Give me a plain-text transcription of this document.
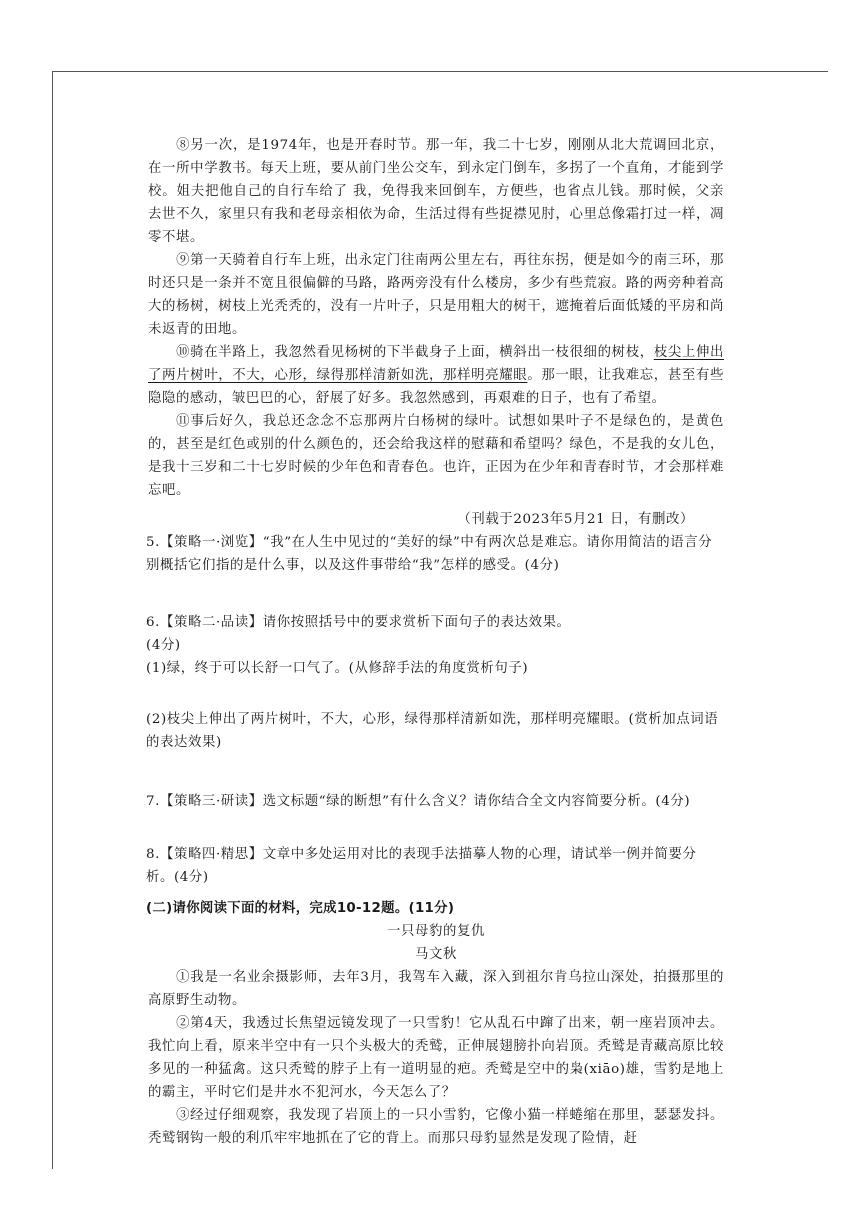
⑧另一次，是1974年，也是开春时节。那一年，我二十七岁，刚刚从北大荒调回北京，在一所中学教书。每天上班，要从前门坐公交车，到永定门倒车，多拐了一个直角，才能到学校。姐夫把他自己的自行车给了 我，免得我来回倒车，方便些，也省点儿钱。那时候，父亲去世不久，家里只有我和老母亲相依为命，生活过得有些捉襟见肘，心里总像霜打过一样，凋零不堪。

⑨第一天骑着自行车上班，出永定门往南两公里左右，再往东拐，便是如今的南三环，那时还只是一条并不宽且很偏僻的马路，路两旁没有什么楼房，多少有些荒寂。路的两旁种着高大的杨树，树枝上光秃秃的，没有一片叶子，只是用粗大的树干，遮掩着后面低矮的平房和尚未返青的田地。

⑩骑在半路上，我忽然看见杨树的下半截身子上面，横斜出一枝很细的树枝，枝尖上伸出了两片树叶，不大，心形，绿得那样清新如洗，那样明亮耀眼。那一眼，让我难忘，甚至有些隐隐的感动，皱巴巴的心，舒展了好多。我忽然感到，再艰难的日子，也有了希望。

⑪事后好久，我总还念念不忘那两片白杨树的绿叶。试想如果叶子不是绿色的，是黄色的，甚至是红色或别的什么颜色的，还会给我这样的慰藉和希望吗？绿色，不是我的女儿色，是我十三岁和二十七岁时候的少年色和青春色。也许，正因为在少年和青春时节，才会那样难忘吧。

（刊载于2023年5月21 日，有删改）

5.【策略一·浏览】“我”在人生中见过的“美好的绿”中有两次总是难忘。请你用简洁的语言分别概括它们指的是什么事，以及这件事带给“我”怎样的感受。(4分)

6.【策略二·品读】请你按照括号中的要求赏析下面句子的表达效果。

(4分)

(1)绿，终于可以长舒一口气了。(从修辞手法的角度赏析句子)

(2)枝尖上伸出了两片树叶，不大，心形，绿得那样清新如洗，那样明亮耀眼。(赏析加点词语的表达效果)

7.【策略三·研读】选文标题“绿的断想”有什么含义？请你结合全文内容简要分析。(4分)

8.【策略四·精思】文章中多处运用对比的表现手法描摹人物的心理，请试举一例并简要分析。(4分)

(二)请你阅读下面的材料，完成10-12题。(11分)

一只母豹的复仇

马文秋

①我是一名业余摄影师，去年3月，我驾车入藏，深入到祖尔肯乌拉山深处，拍摄那里的高原野生动物。

②第4天，我透过长焦望远镜发现了一只雪豹！它从乱石中蹿了出来，朝一座岩顶冲去。我忙向上看，原来半空中有一只个头极大的秃鹫，正伸展翅膀扑向岩顶。秃鹫是青藏高原比较多见的一种猛禽。这只秃鹫的脖子上有一道明显的疤。秃鹫是空中的枭(xiāo)雄，雪豹是地上的霸主，平时它们是井水不犯河水，今天怎么了？

③经过仔细观察，我发现了岩顶上的一只小雪豹，它像小猫一样蜷缩在那里，瑟瑟发抖。秃鹫钢钩一般的利爪牢牢地抓在了它的背上。而那只母豹显然是发现了险情，赶
